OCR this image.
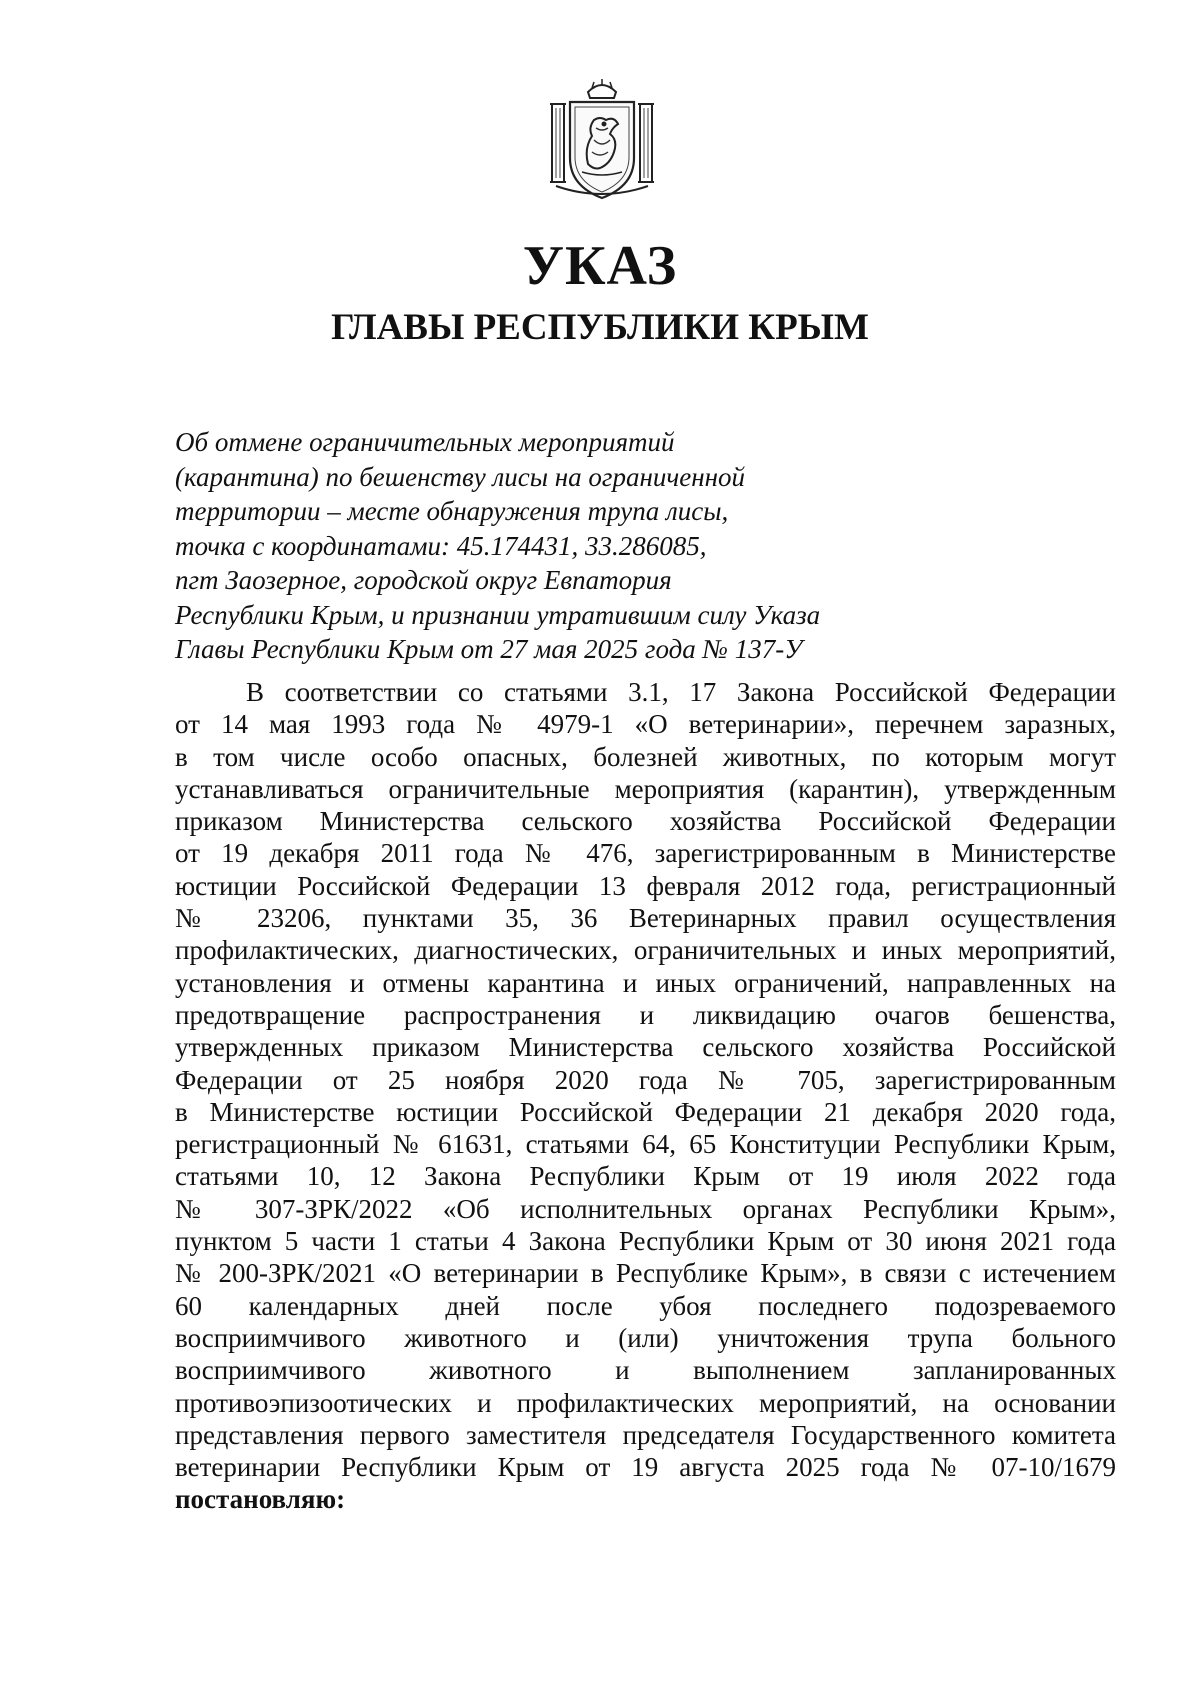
УКАЗ
ГЛАВЫ РЕСПУБЛИКИ КРЫМ
Об отмене ограничительных мероприятий
(карантина) по бешенству лисы на ограниченной
территории – месте обнаружения трупа лисы,
точка с координатами: 45.174431, 33.286085,
пгт Заозерное, городской округ Евпатория
Республики Крым, и признании утратившим силу Указа
Главы Республики Крым от 27 мая 2025 года № 137-У
В соответствии со статьями 3.1, 17 Закона Российской Федерации
от 14 мая 1993 года № 4979-1 «О ветеринарии», перечнем заразных,
в том числе особо опасных, болезней животных, по которым могут
устанавливаться ограничительные мероприятия (карантин), утвержденным
приказом Министерства сельского хозяйства Российской Федерации
от 19 декабря 2011 года № 476, зарегистрированным в Министерстве
юстиции Российской Федерации 13 февраля 2012 года, регистрационный
№ 23206, пунктами 35, 36 Ветеринарных правил осуществления
профилактических, диагностических, ограничительных и иных мероприятий,
установления и отмены карантина и иных ограничений, направленных на
предотвращение распространения и ликвидацию очагов бешенства,
утвержденных приказом Министерства сельского хозяйства Российской
Федерации от 25 ноября 2020 года № 705, зарегистрированным
в Министерстве юстиции Российской Федерации 21 декабря 2020 года,
регистрационный № 61631, статьями 64, 65 Конституции Республики Крым,
статьями 10, 12 Закона Республики Крым от 19 июля 2022 года
№ 307-ЗРК/2022 «Об исполнительных органах Республики Крым»,
пунктом 5 части 1 статьи 4 Закона Республики Крым от 30 июня 2021 года
№ 200-ЗРК/2021 «О ветеринарии в Республике Крым», в связи с истечением
60 календарных дней после убоя последнего подозреваемого
восприимчивого животного и (или) уничтожения трупа больного
восприимчивого животного и выполнением запланированных
противоэпизоотических и профилактических мероприятий, на основании
представления первого заместителя председателя Государственного комитета
ветеринарии Республики Крым от 19 августа 2025 года № 07-10/1679
постановляю:
